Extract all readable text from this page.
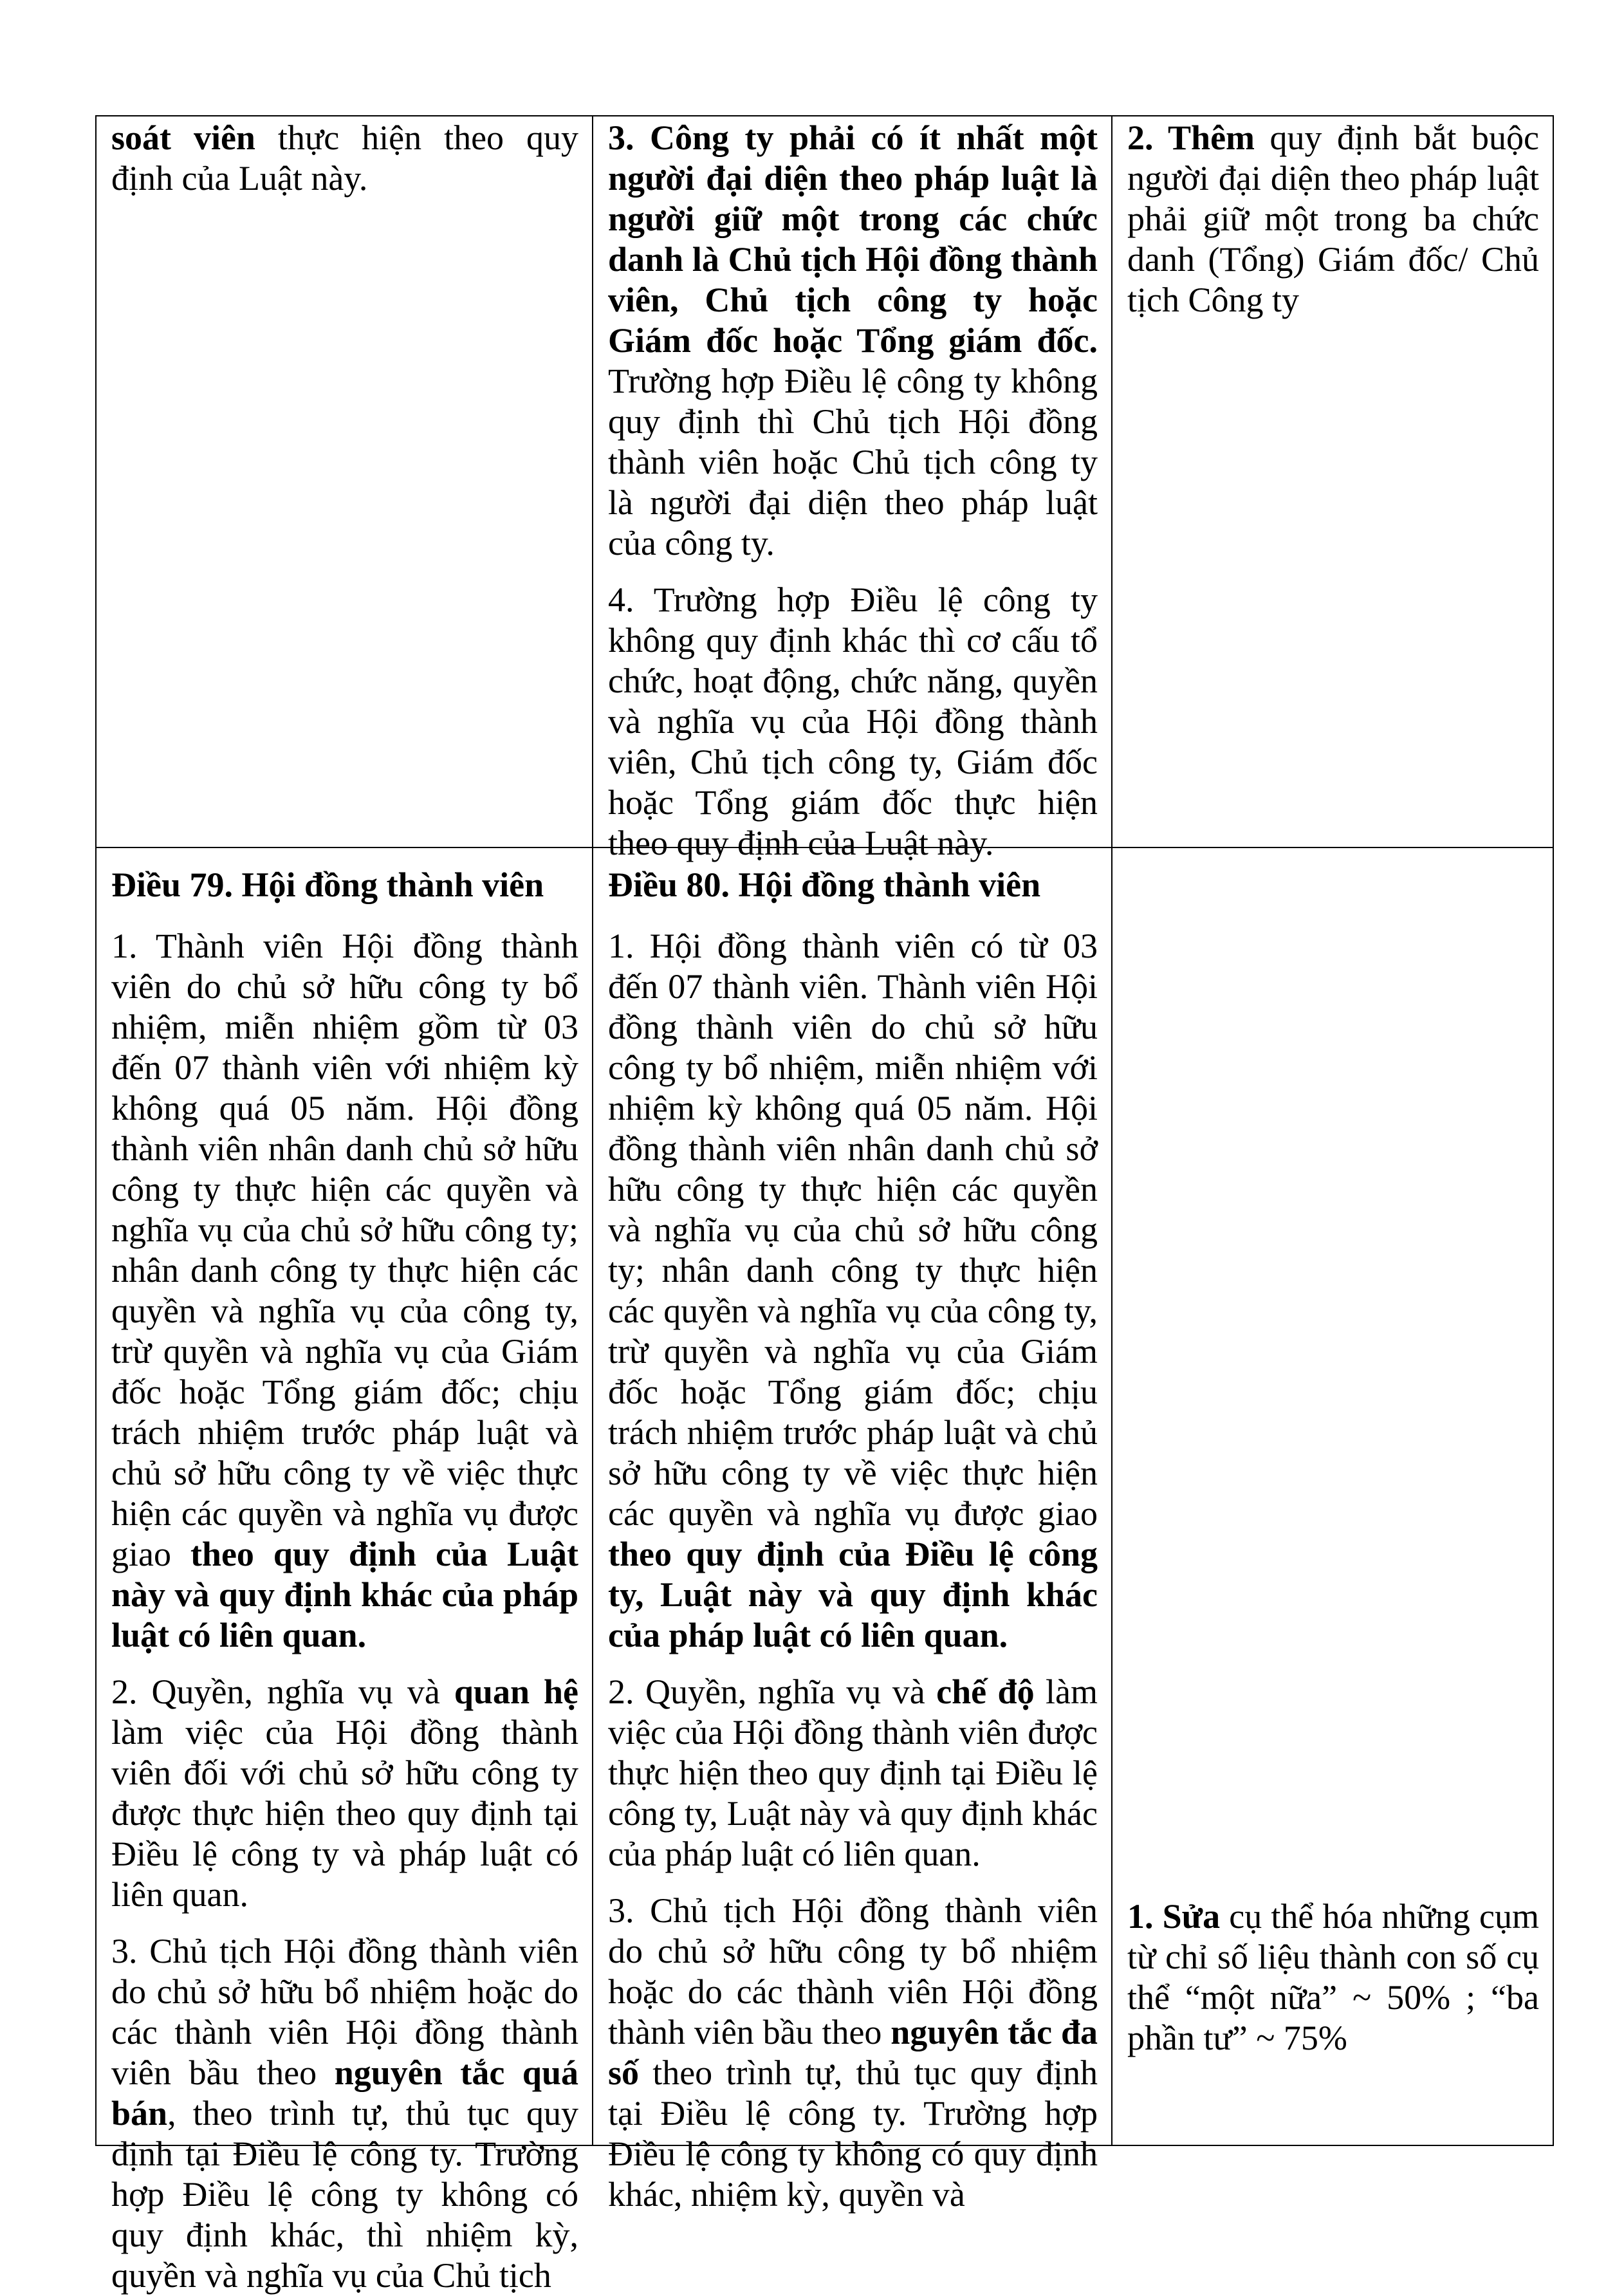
soát viên thực hiện theo quy định của Luật này.

3. Công ty phải có ít nhất một người đại diện theo pháp luật là người giữ một trong các chức danh là Chủ tịch Hội đồng thành viên, Chủ tịch công ty hoặc Giám đốc hoặc Tổng giám đốc. Trường hợp Điều lệ công ty không quy định thì Chủ tịch Hội đồng thành viên hoặc Chủ tịch công ty là người đại diện theo pháp luật của công ty.

4. Trường hợp Điều lệ công ty không quy định khác thì cơ cấu tổ chức, hoạt động, chức năng, quyền và nghĩa vụ của Hội đồng thành viên, Chủ tịch công ty, Giám đốc hoặc Tổng giám đốc thực hiện theo quy định của Luật này.

2. Thêm quy định bắt buộc người đại diện theo pháp luật phải giữ một trong ba chức danh (Tổng) Giám đốc/ Chủ tịch Công ty

Điều 79. Hội đồng thành viên

1. Thành viên Hội đồng thành viên do chủ sở hữu công ty bổ nhiệm, miễn nhiệm gồm từ 03 đến 07 thành viên với nhiệm kỳ không quá 05 năm. Hội đồng thành viên nhân danh chủ sở hữu công ty thực hiện các quyền và nghĩa vụ của chủ sở hữu công ty; nhân danh công ty thực hiện các quyền và nghĩa vụ của công ty, trừ quyền và nghĩa vụ của Giám đốc hoặc Tổng giám đốc; chịu trách nhiệm trước pháp luật và chủ sở hữu công ty về việc thực hiện các quyền và nghĩa vụ được giao theo quy định của Luật này và quy định khác của pháp luật có liên quan.

2. Quyền, nghĩa vụ và quan hệ làm việc của Hội đồng thành viên đối với chủ sở hữu công ty được thực hiện theo quy định tại Điều lệ công ty và pháp luật có liên quan.

3. Chủ tịch Hội đồng thành viên do chủ sở hữu bổ nhiệm hoặc do các thành viên Hội đồng thành viên bầu theo nguyên tắc quá bán, theo trình tự, thủ tục quy định tại Điều lệ công ty. Trường hợp Điều lệ công ty không có quy định khác, thì nhiệm kỳ, quyền và nghĩa vụ của Chủ tịch

Điều 80. Hội đồng thành viên

1. Hội đồng thành viên có từ 03 đến 07 thành viên. Thành viên Hội đồng thành viên do chủ sở hữu công ty bổ nhiệm, miễn nhiệm với nhiệm kỳ không quá 05 năm. Hội đồng thành viên nhân danh chủ sở hữu công ty thực hiện các quyền và nghĩa vụ của chủ sở hữu công ty; nhân danh công ty thực hiện các quyền và nghĩa vụ của công ty, trừ quyền và nghĩa vụ của Giám đốc hoặc Tổng giám đốc; chịu trách nhiệm trước pháp luật và chủ sở hữu công ty về việc thực hiện các quyền và nghĩa vụ được giao theo quy định của Điều lệ công ty, Luật này và quy định khác của pháp luật có liên quan.

2. Quyền, nghĩa vụ và chế độ làm việc của Hội đồng thành viên được thực hiện theo quy định tại Điều lệ công ty, Luật này và quy định khác của pháp luật có liên quan.

3. Chủ tịch Hội đồng thành viên do chủ sở hữu công ty bổ nhiệm hoặc do các thành viên Hội đồng thành viên bầu theo nguyên tắc đa số theo trình tự, thủ tục quy định tại Điều lệ công ty. Trường hợp Điều lệ công ty không có quy định khác, nhiệm kỳ, quyền và

1. Sửa cụ thể hóa những cụm từ chỉ số liệu thành con số cụ thể “một nữa” ~ 50% ; “ba phần tư” ~ 75%
